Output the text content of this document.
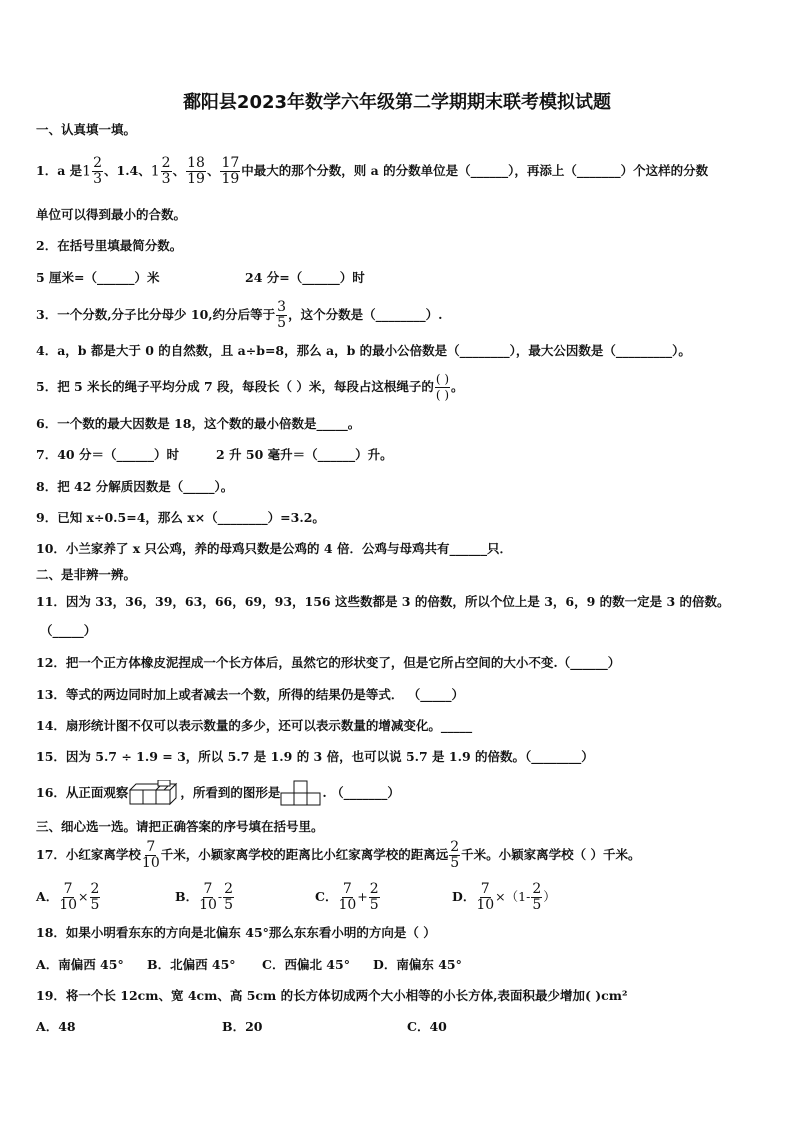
鄱阳县2023年数学六年级第二学期期末联考模拟试题
一、认真填一填。
1．a 是 $1 \frac{2}{3}$ 、1.4、 $1 \frac{2}{3}$ 、 $\frac{18}{19}$ 、 $\frac{17}{19}$ 中最大的那个分数，则 a 的分数单位是（______），再添上（_______）个这样的分数
单位可以得到最小的合数。
2．在括号里填最简分数。
5 厘米=（______）米	24 分=（______）时
3．一个分数,分子比分母少 10,约分后等于 $\frac{3}{5}$ ，这个分数是（________）.
4．a，b 都是大于 0 的自然数，且 a÷b=8，那么 a，b 的最小公倍数是（________），最大公因数是（_________）。
5．把 5 米长的绳子平均分成 7 段，每段长（ ）米，每段占这根绳子的 $\frac{( )}{( )}$ 。
6．一个数的最大因数是 18，这个数的最小倍数是_____。
7．40 分＝（______）时	2 升 50 毫升＝（______）升。
8．把 42 分解质因数是（_____）。
9．已知 x÷0.5=4，那么 x×（________）=3.2。
10．小兰家养了 x 只公鸡，养的母鸡只数是公鸡的 4 倍．公鸡与母鸡共有______只．
二、是非辨一辨。
11．因为 33，36，39，63，66，69，93，156 这些数都是 3 的倍数，所以个位上是 3，6，9 的数一定是 3 的倍数。
（_____）
12．把一个正方体橡皮泥捏成一个长方体后，虽然它的形状变了，但是它所占空间的大小不变.（______）
13．等式的两边同时加上或者减去一个数，所得的结果仍是等式． （_____）
14．扇形统计图不仅可以表示数量的多少，还可以表示数量的增减变化。_____
15．因为 5.7 ÷ 1.9 = 3，所以 5.7 是 1.9 的 3 倍，也可以说 5.7 是 1.9 的倍数。（________）
16．从正面观察	，所看到的图形是	. （_______）
三、细心选一选。请把正确答案的序号填在括号里。
17．小红家离学校 $\frac{7}{10}$ 千米，小颖家离学校的距离比小红家离学校的距离远 $\frac{2}{5}$ 千米。小颖家离学校（ ）千米。
A． $\frac{7}{10} \times \frac{2}{5}$	B． $\frac{7}{10} - \frac{2}{5}$	C． $\frac{7}{10} + \frac{2}{5}$	D． $\frac{7}{10} \times(1- \frac{2}{5}$ ）
18．如果小明看东东的方向是北偏东 45°那么东东看小明的方向是（ ）
A．南偏西 45° B．北偏西 45° C．西偏北 45° D．南偏东 45°
19．将一个长 12cm、宽 4cm、高 5cm 的长方体切成两个大小相等的小长方体,表面积最少增加( )cm²
A．48	B．20	C．40
